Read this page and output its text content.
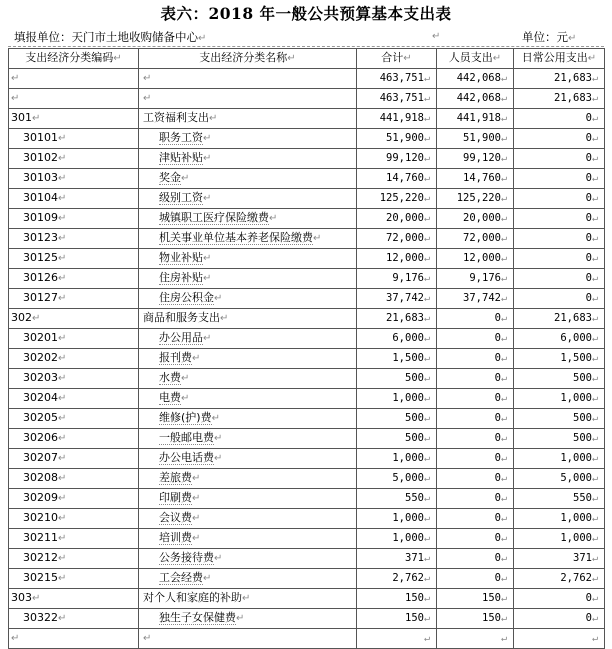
表六：2018 年一般公共预算基本支出表
填报单位：天门市土地收购储备中心↵	↵	单位：元↵
支出经济分类编码↵	支出经济分类名称↵	合计↵	人员支出↵	日常公用支出↵
↵	↵	463,751↵	442,068↵	21,683↵
↵	↵	463,751↵	442,068↵	21,683↵
301↵	工资福利支出↵	441,918↵	441,918↵	0↵
30101↵	职务工资↵	51,900↵	51,900↵	0↵
30102↵	津贴补贴↵	99,120↵	99,120↵	0↵
30103↵	奖金↵	14,760↵	14,760↵	0↵
30104↵	级别工资↵	125,220↵	125,220↵	0↵
30109↵	城镇职工医疗保险缴费↵	20,000↵	20,000↵	0↵
30123↵	机关事业单位基本养老保险缴费↵	72,000↵	72,000↵	0↵
30125↵	物业补贴↵	12,000↵	12,000↵	0↵
30126↵	住房补贴↵	9,176↵	9,176↵	0↵
30127↵	住房公积金↵	37,742↵	37,742↵	0↵
302↵	商品和服务支出↵	21,683↵	0↵	21,683↵
30201↵	办公用品↵	6,000↵	0↵	6,000↵
30202↵	报刊费↵	1,500↵	0↵	1,500↵
30203↵	水费↵	500↵	0↵	500↵
30204↵	电费↵	1,000↵	0↵	1,000↵
30205↵	维修(护)费↵	500↵	0↵	500↵
30206↵	一般邮电费↵	500↵	0↵	500↵
30207↵	办公电话费↵	1,000↵	0↵	1,000↵
30208↵	差旅费↵	5,000↵	0↵	5,000↵
30209↵	印刷费↵	550↵	0↵	550↵
30210↵	会议费↵	1,000↵	0↵	1,000↵
30211↵	培训费↵	1,000↵	0↵	1,000↵
30212↵	公务接待费↵	371↵	0↵	371↵
30215↵	工会经费↵	2,762↵	0↵	2,762↵
303↵	对个人和家庭的补助↵	150↵	150↵	0↵
30322↵	独生子女保健费↵	150↵	150↵	0↵
↵	↵	↵	↵	↵
